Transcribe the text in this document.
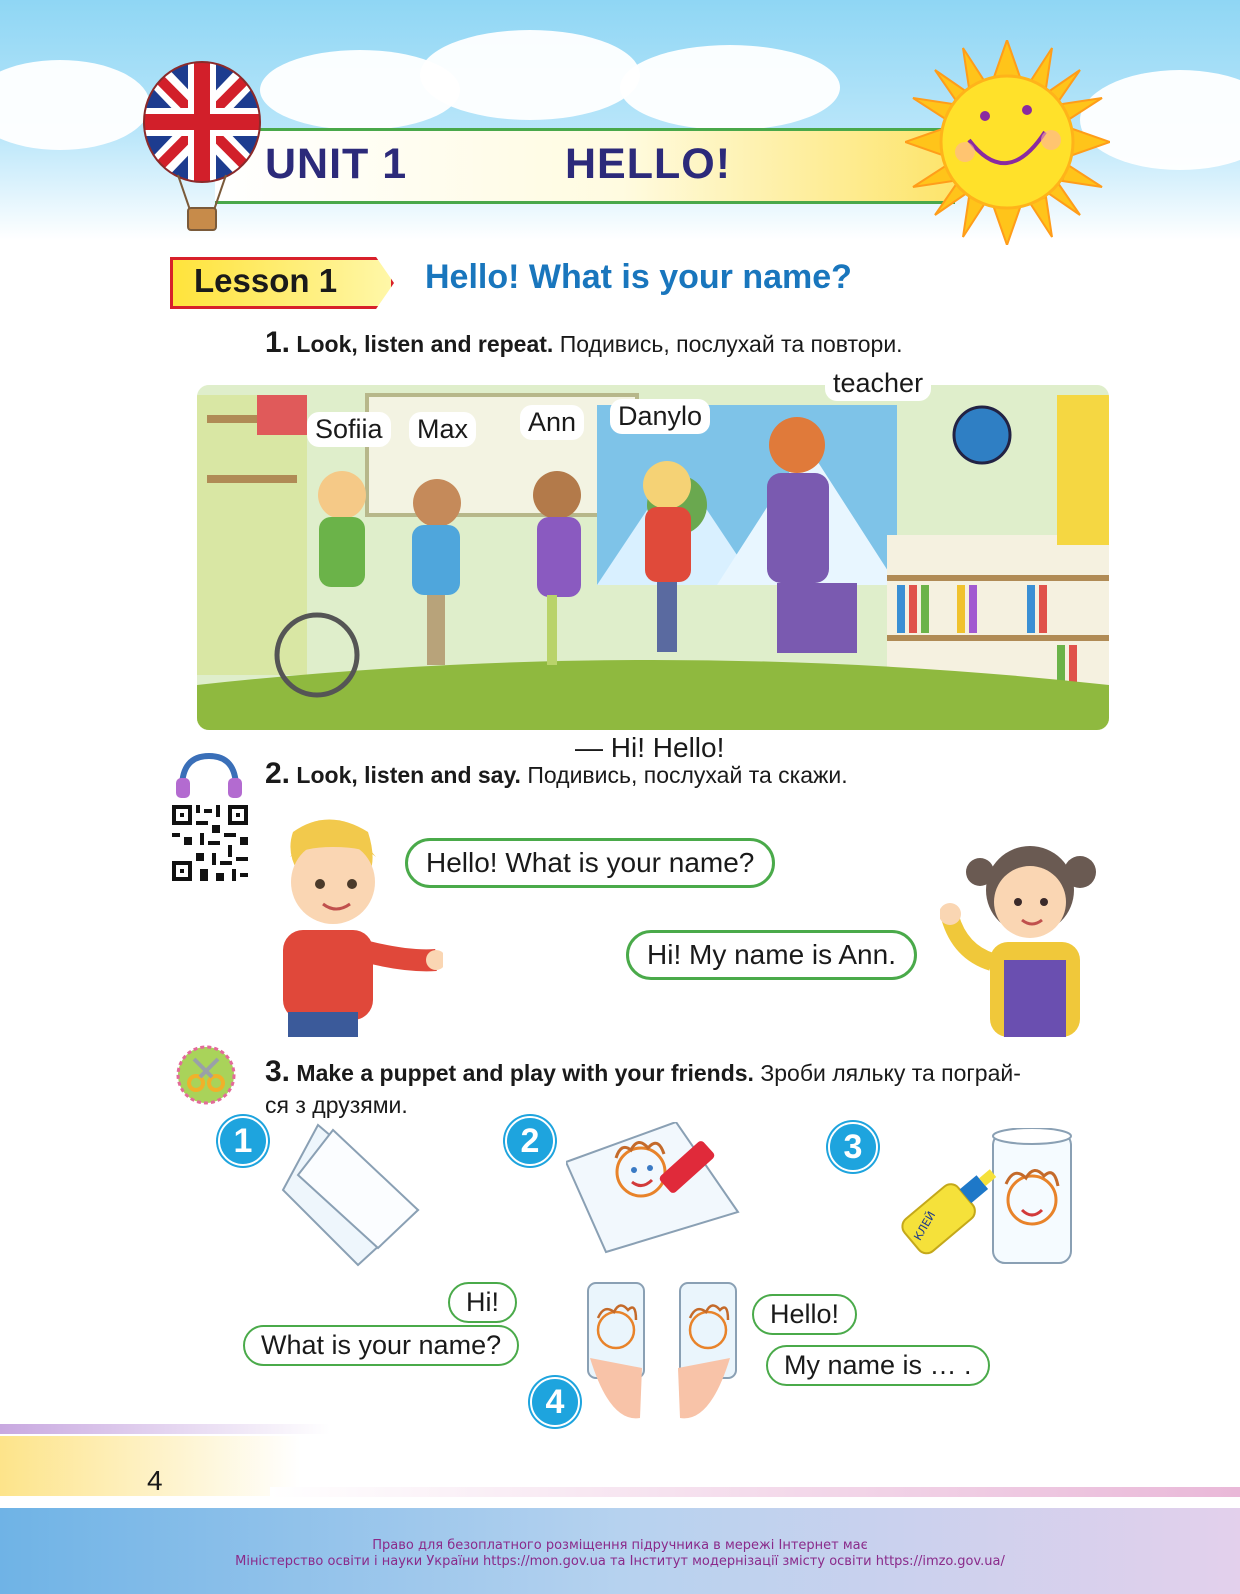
UNIT 1	HELLO!
Lesson 1	Hello! What is your name?
1. Look, listen and repeat. Подивись, послухай та повтори.
Sofiia Max Ann Danylo
teacher
— Hi! Hello!
2. Look, listen and say. Подивись, послухай та скажи.
Hello! What is your name?
Hi! My name is Ann.
3. Make a puppet and play with your friends. Зроби ляльку та пограй-
ся з друзями.
1	2	3
КЛЕЙ
Hi!
What is your name?
Hello!
My name is … .
4
4
Право для безоплатного розміщення підручника в мережі Інтернет має
Міністерство освіти і науки України https://mon.gov.ua та Інститут модернізації змісту освіти https://imzo.gov.ua/
